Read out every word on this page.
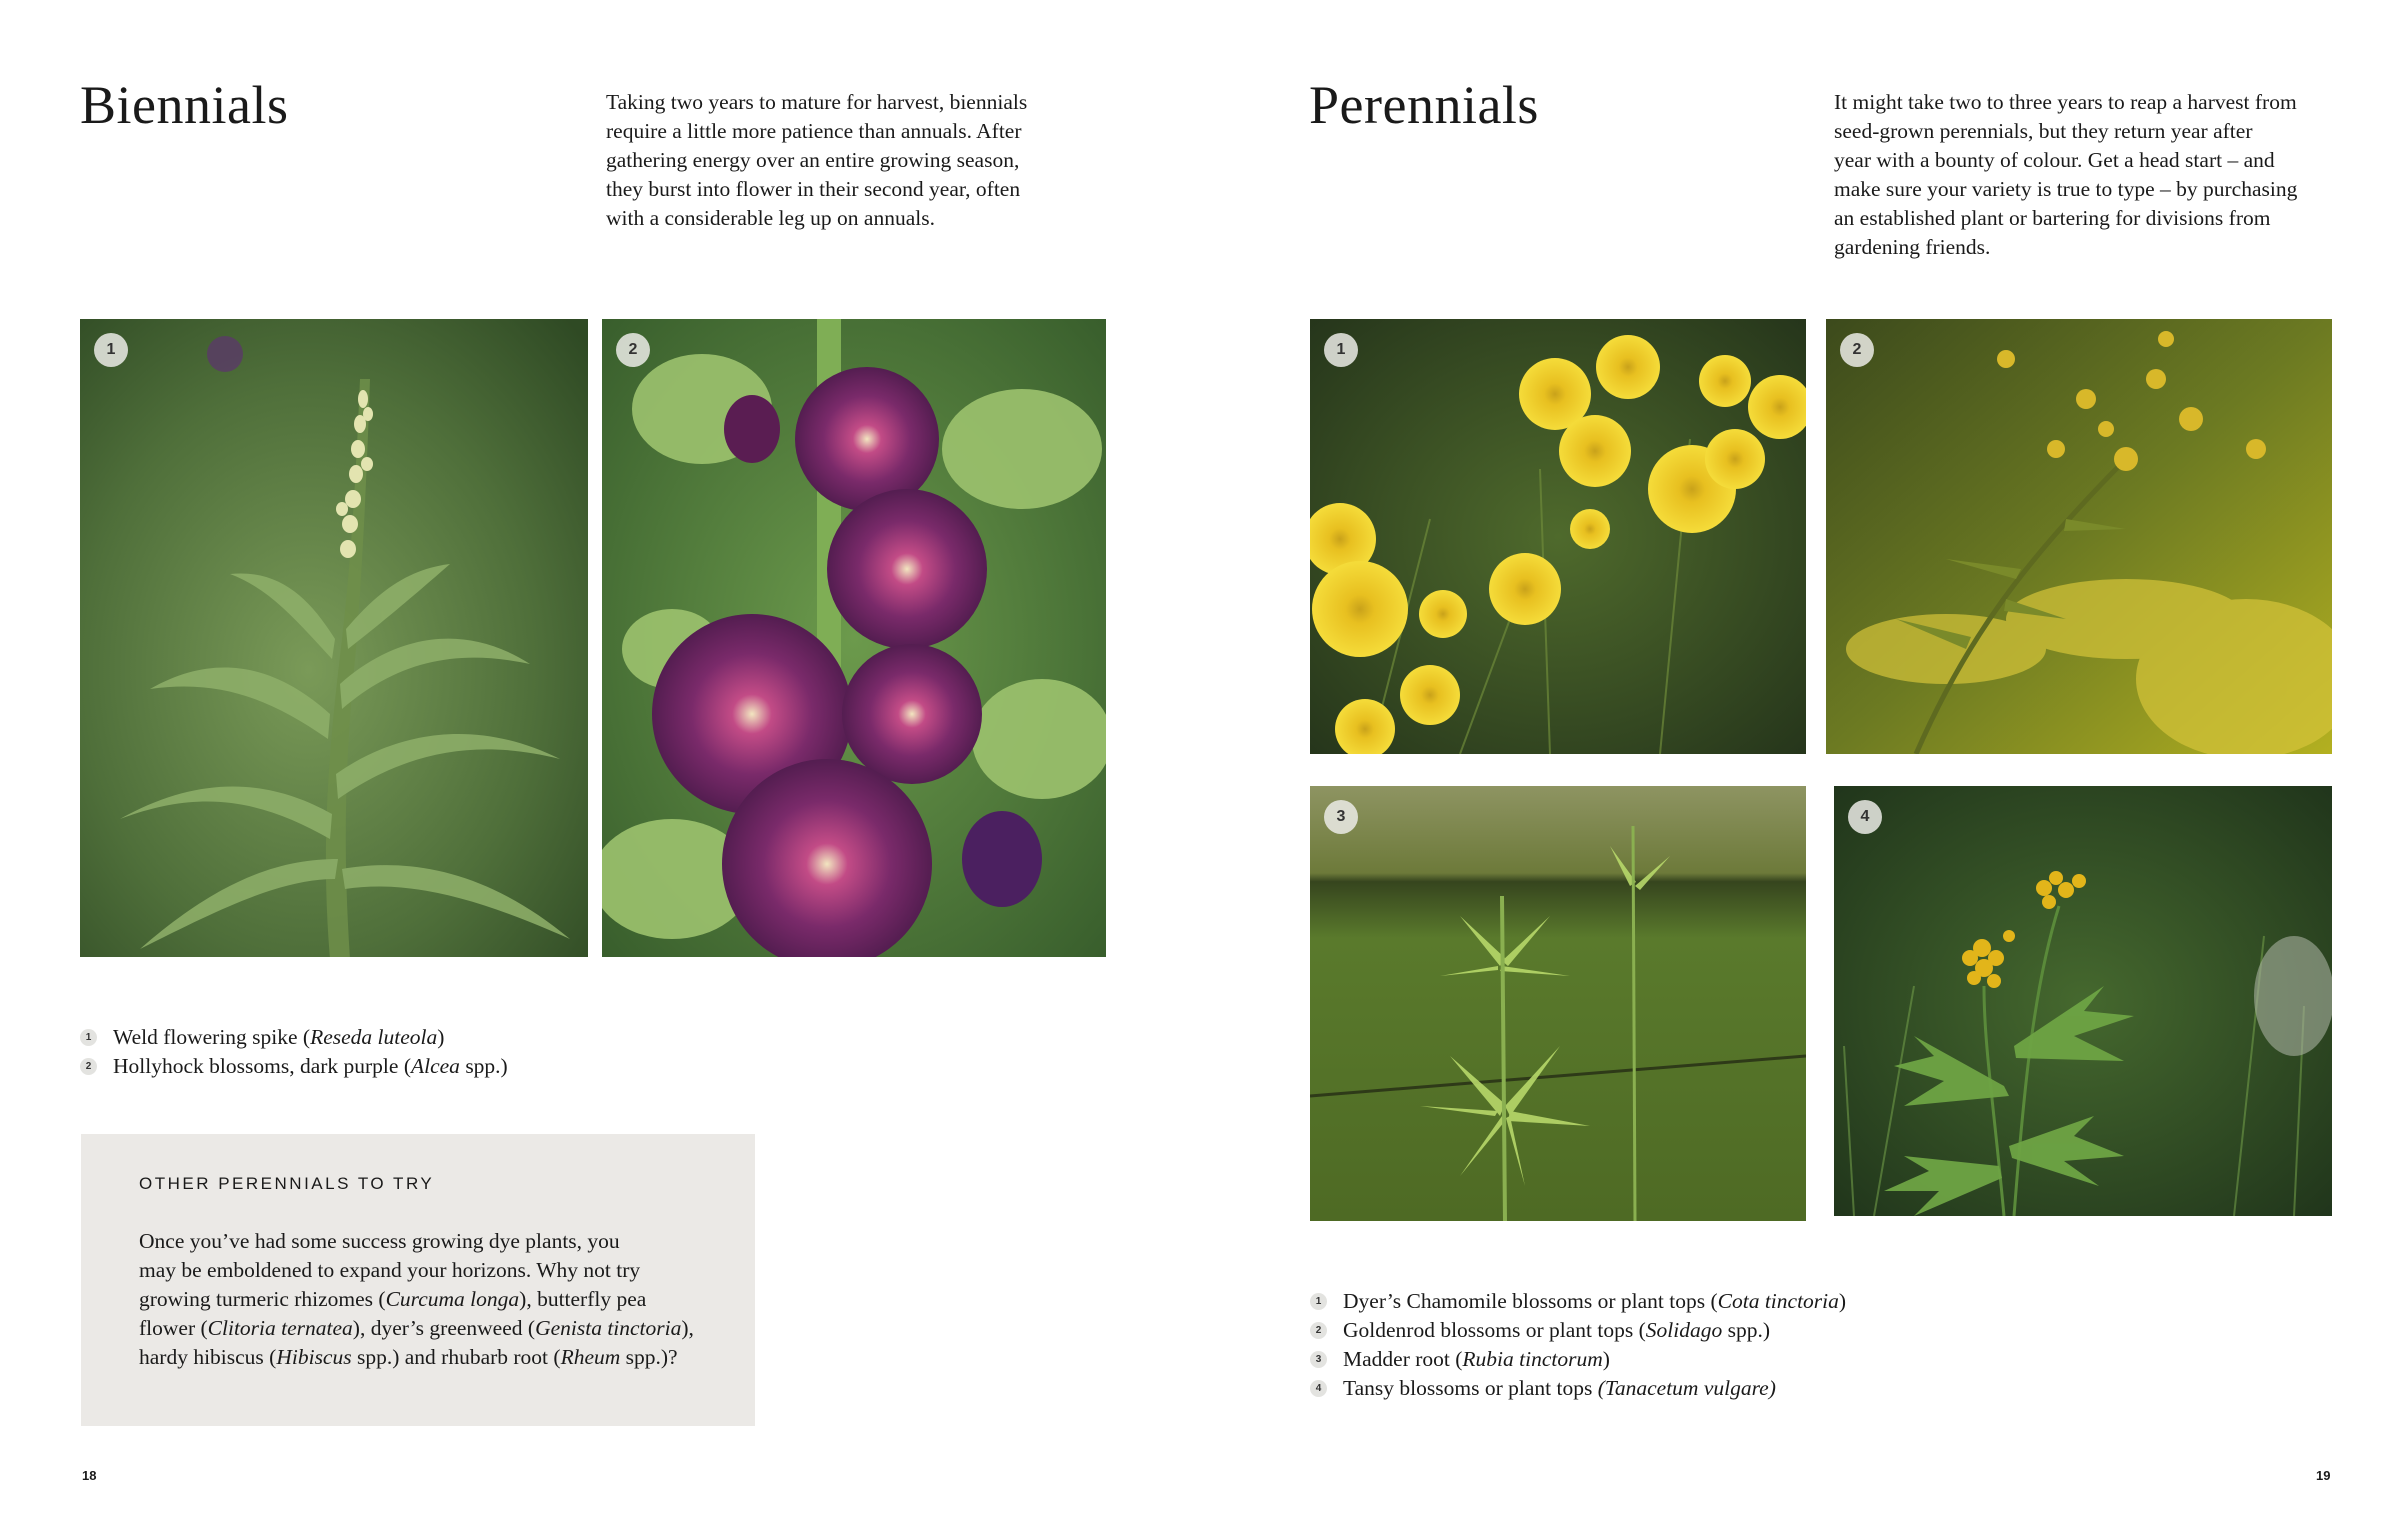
Biennials	Taking two years to mature for harvest, biennials
require a little more patience than annuals. After
gathering energy over an entire growing season,
they burst into flower in their second year, often
with a considerable leg up on annuals.
1	2
1 Weld flowering spike (Reseda luteola)
2 Hollyhock blossoms, dark purple (Alcea spp.)
OTHER PERENNIALS TO TRY
Once you’ve had some success growing dye plants, you
may be emboldened to expand your horizons. Why not try
growing turmeric rhizomes (Curcuma longa), butterfly pea
flower (Clitoria ternatea), dyer’s greenweed (Genista tinctoria),
hardy hibiscus (Hibiscus spp.) and rhubarb root (Rheum spp.)?
18
Perennials	It might take two to three years to reap a harvest from
seed-grown perennials, but they return year after
year with a bounty of colour. Get a head start – and
make sure your variety is true to type – by purchasing
an established plant or bartering for divisions from
gardening friends.
1	2
3	4
1 Dyer’s Chamomile blossoms or plant tops (Cota tinctoria)
2 Goldenrod blossoms or plant tops (Solidago spp.)
3 Madder root (Rubia tinctorum)
4 Tansy blossoms or plant tops (Tanacetum vulgare)
19
